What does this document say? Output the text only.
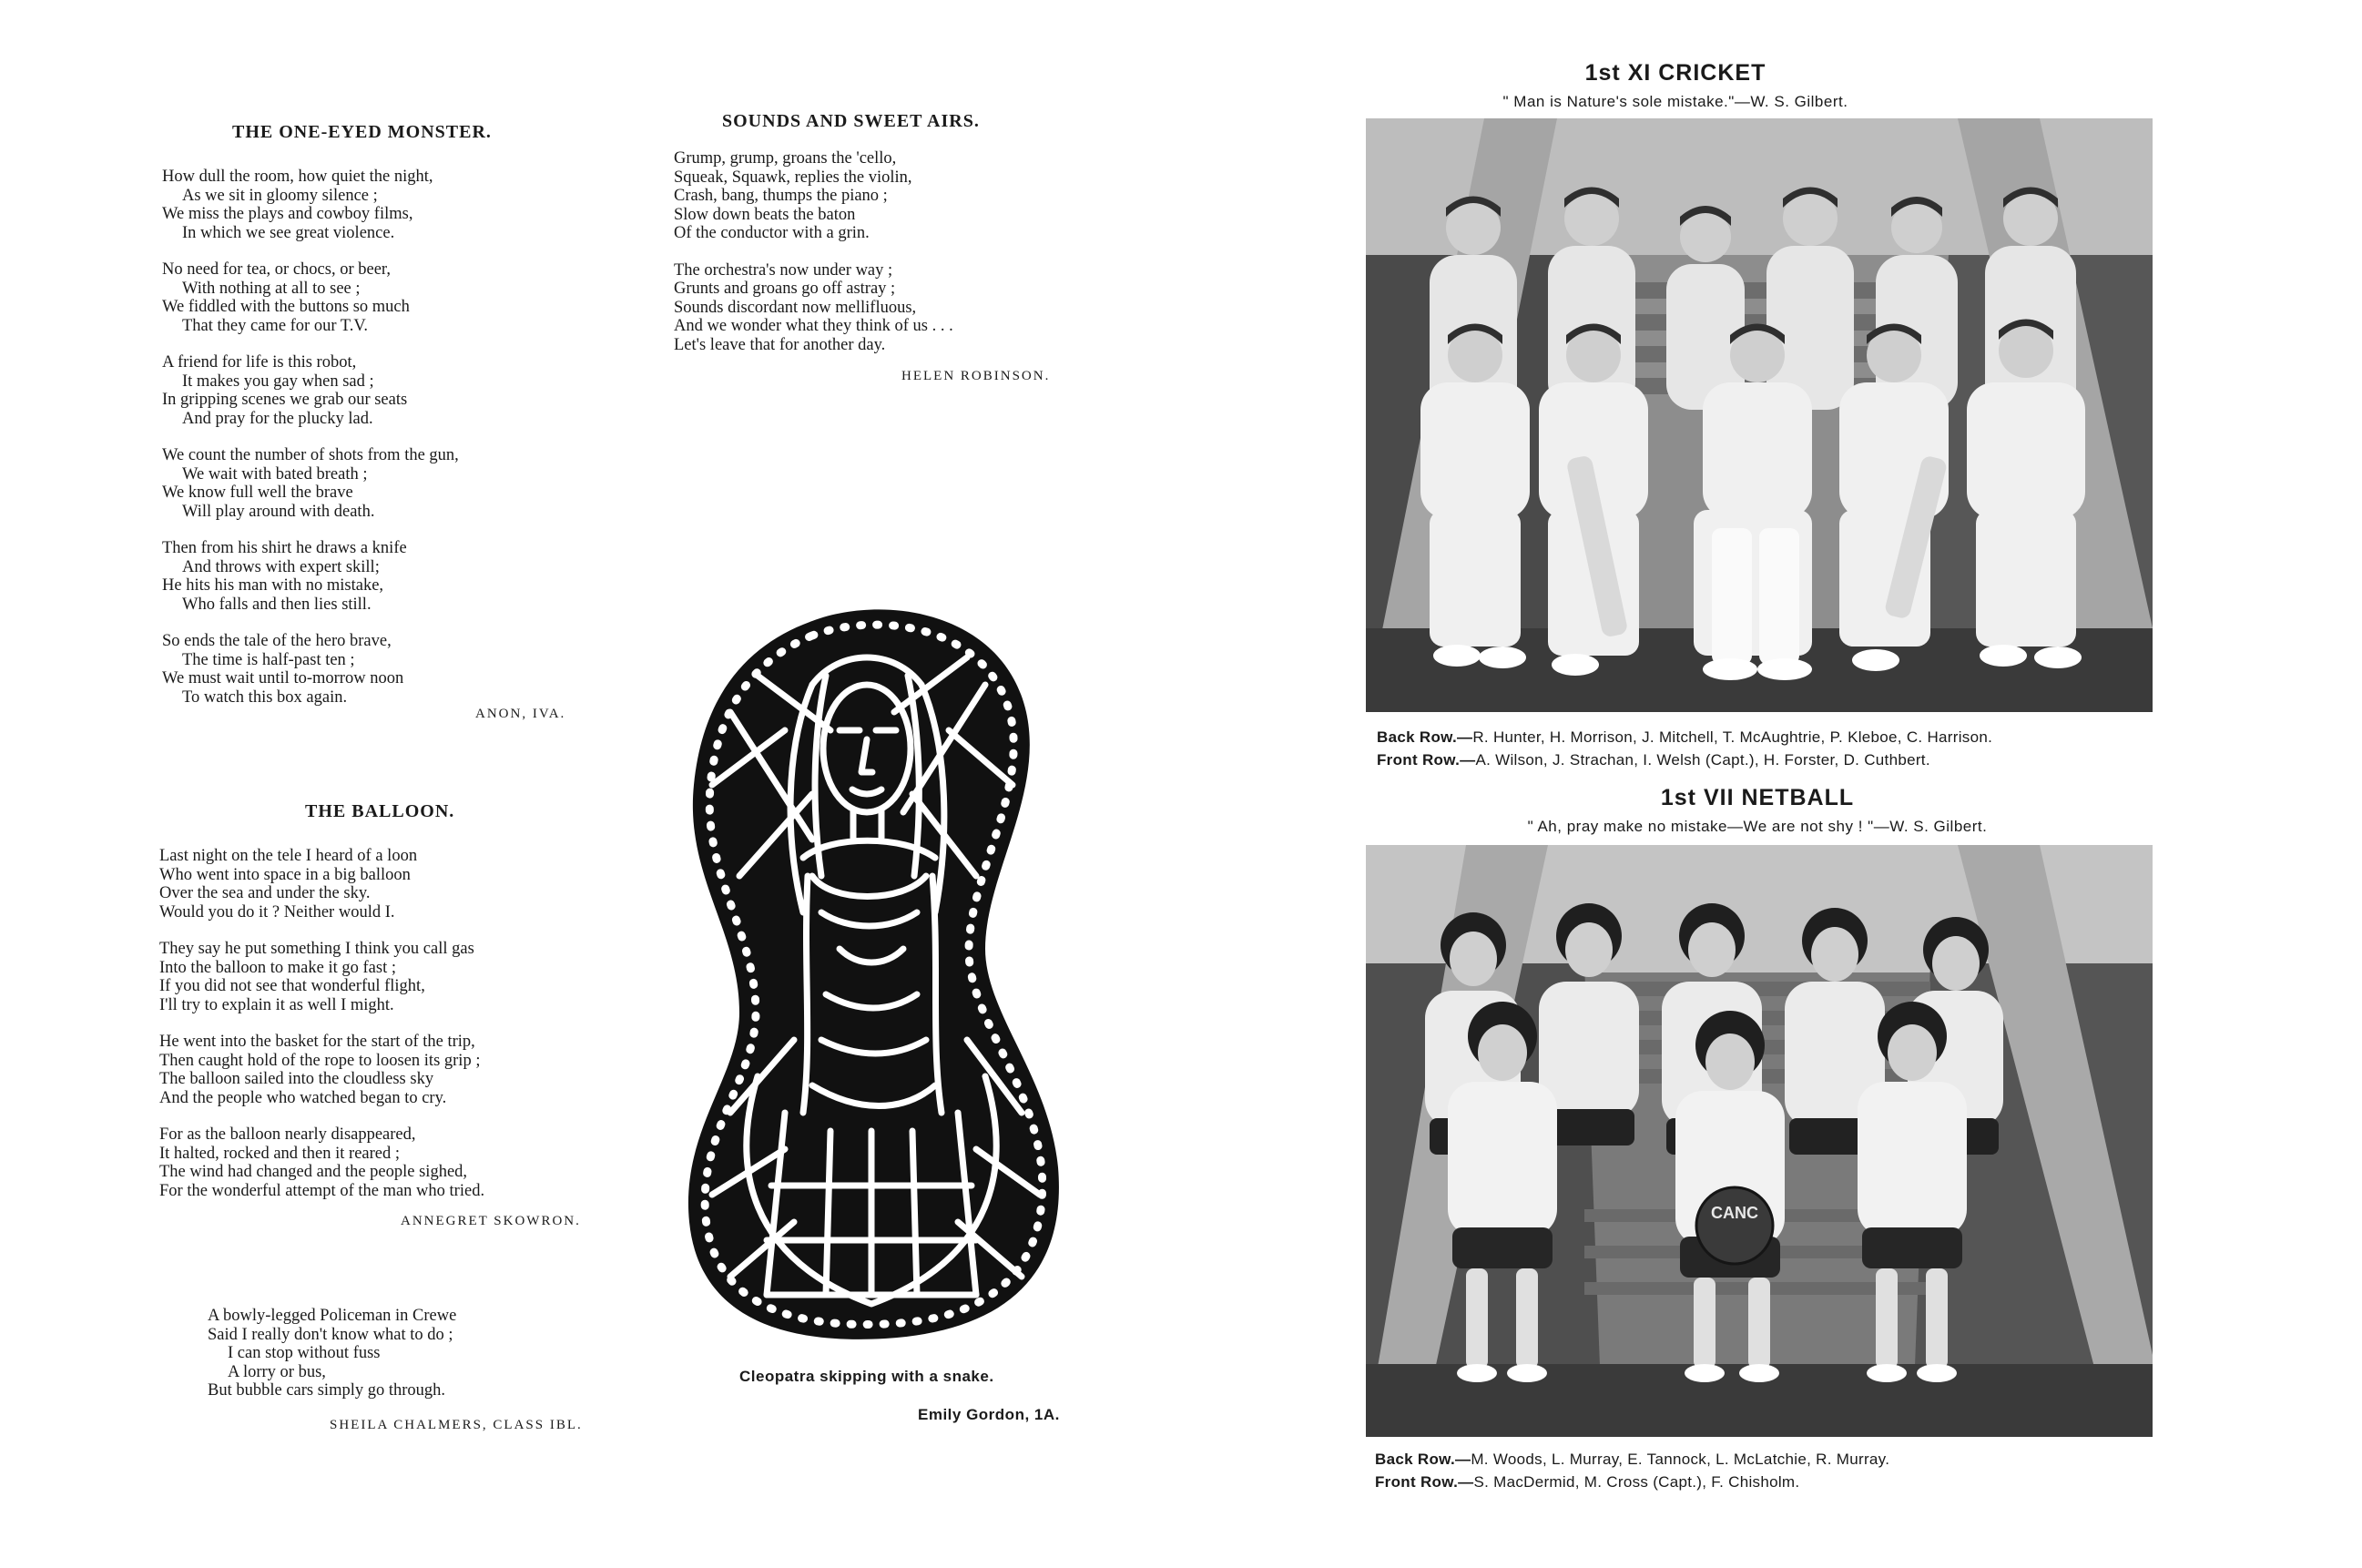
THE ONE-EYED MONSTER.
How dull the room, how quiet the night,
As we sit in gloomy silence ;
We miss the plays and cowboy films,
In which we see great violence.
No need for tea, or chocs, or beer,
With nothing at all to see ;
We fiddled with the buttons so much
That they came for our T.V.
A friend for life is this robot,
It makes you gay when sad ;
In gripping scenes we grab our seats
And pray for the plucky lad.
We count the number of shots from the gun,
We wait with bated breath ;
We know full well the brave
Will play around with death.
Then from his shirt he draws a knife
And throws with expert skill;
He hits his man with no mistake,
Who falls and then lies still.
So ends the tale of the hero brave,
The time is half-past ten ;
We must wait until to-morrow noon
To watch this box again.
ANON, IVA.
SOUNDS AND SWEET AIRS.
Grump, grump, groans the 'cello,
Squeak, Squawk, replies the violin,
Crash, bang, thumps the piano ;
Slow down beats the baton
Of the conductor with a grin.
The orchestra's now under way ;
Grunts and groans go off astray ;
Sounds discordant now mellifluous,
And we wonder what they think of us . . .
Let's leave that for another day.
HELEN ROBINSON.
THE BALLOON.
Last night on the tele I heard of a loon
Who went into space in a big balloon
Over the sea and under the sky.
Would you do it ? Neither would I.
They say he put something I think you call gas
Into the balloon to make it go fast ;
If you did not see that wonderful flight,
I'll try to explain it as well I might.
He went into the basket for the start of the trip,
Then caught hold of the rope to loosen its grip ;
The balloon sailed into the cloudless sky
And the people who watched began to cry.
For as the balloon nearly disappeared,
It halted, rocked and then it reared ;
The wind had changed and the people sighed,
For the wonderful attempt of the man who tried.
ANNEGRET SKOWRON.
A bowly-legged Policeman in Crewe
Said I really don't know what to do ;
I can stop without fuss
A lorry or bus,
But bubble cars simply go through.
SHEILA CHALMERS, CLASS IBL.
Cleopatra skipping with a snake.
Emily Gordon, 1A.
1st XI CRICKET
" Man is Nature's sole mistake."—W. S. Gilbert.
Back Row.—R. Hunter, H. Morrison, J. Mitchell, T. McAughtrie, P. Kleboe, C. Harrison.
Front Row.—A. Wilson, J. Strachan, I. Welsh (Capt.), H. Forster, D. Cuthbert.
1st VII NETBALL
" Ah, pray make no mistake—We are not shy ! "—W. S. Gilbert.
CANC
Back Row.—M. Woods, L. Murray, E. Tannock, L. McLatchie, R. Murray.
Front Row.—S. MacDermid, M. Cross (Capt.), F. Chisholm.
